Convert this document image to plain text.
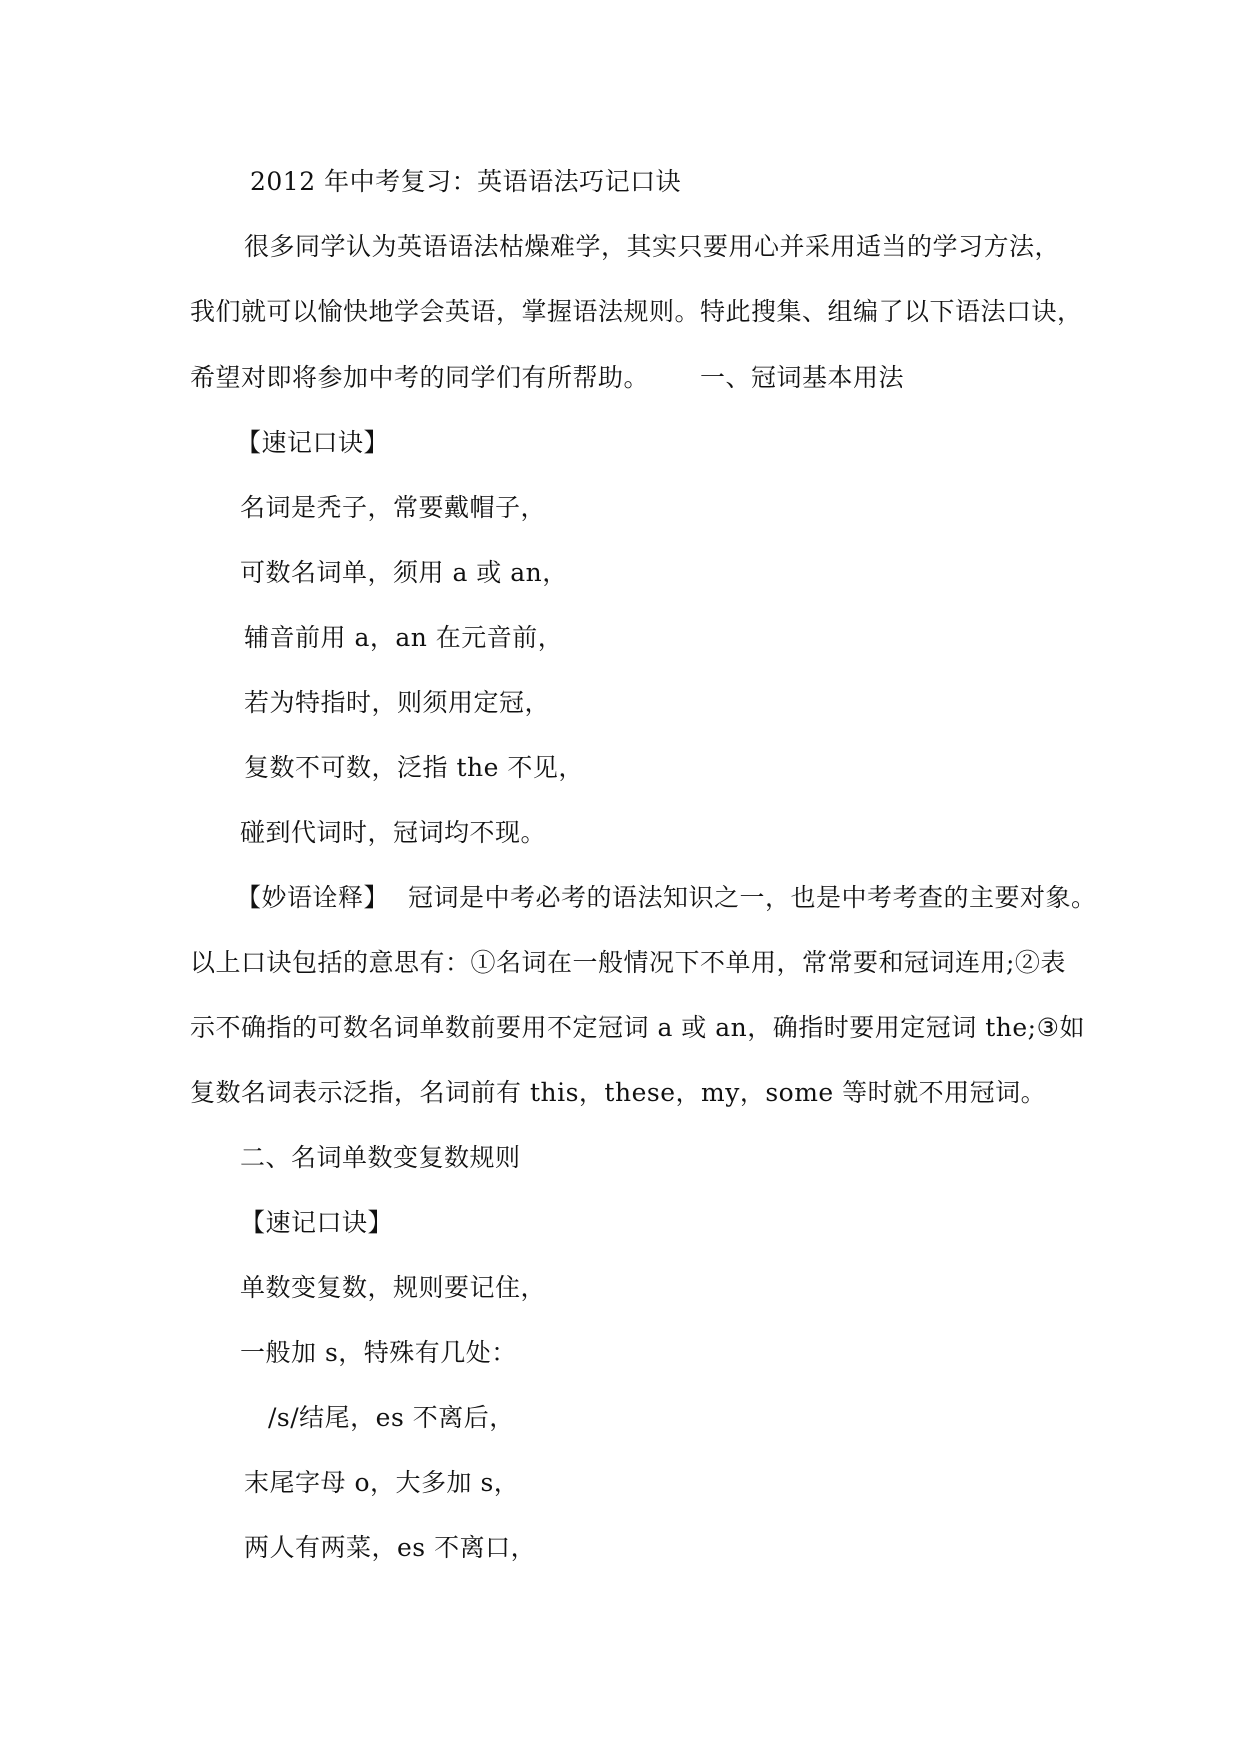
2012 年中考复习：英语语法巧记口诀
很多同学认为英语语法枯燥难学，其实只要用心并采用适当的学习方法，
我们就可以愉快地学会英语，掌握语法规则。特此搜集、组编了以下语法口诀，
希望对即将参加中考的同学们有所帮助。 一、冠词基本用法
【速记口诀】
名词是秃子，常要戴帽子，
可数名词单，须用 a 或 an，
辅音前用 a，an 在元音前，
若为特指时，则须用定冠，
复数不可数，泛指 the 不见，
碰到代词时，冠词均不现。
【妙语诠释】 冠词是中考必考的语法知识之一，也是中考考查的主要对象。
以上口诀包括的意思有：①名词在一般情况下不单用，常常要和冠词连用;②表
示不确指的可数名词单数前要用不定冠词 a 或 an，确指时要用定冠词 the;③如
复数名词表示泛指，名词前有 this，these，my，some 等时就不用冠词。
二、名词单数变复数规则
【速记口诀】
单数变复数，规则要记住，
一般加 s，特殊有几处：
/s/结尾，es 不离后，
末尾字母 o，大多加 s，
两人有两菜，es 不离口，
